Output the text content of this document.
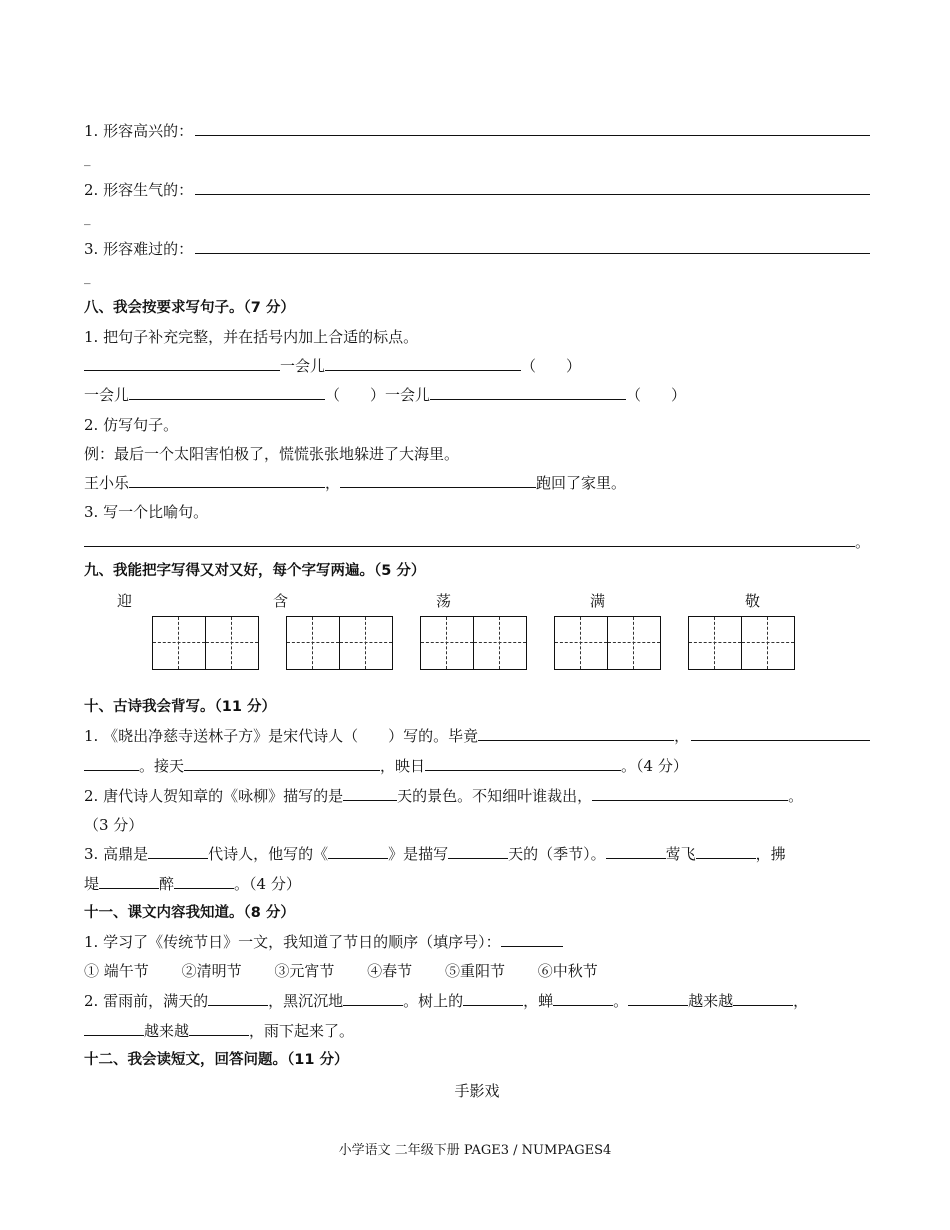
1. 形容高兴的：
_
2. 形容生气的：
_
3. 形容难过的：
_
八、我会按要求写句子。（7 分）
1. 把句子补充完整，并在括号内加上合适的标点。
一会儿	（　　）
一会儿	（　　）一会儿	（　　）
2. 仿写句子。
例：最后一个太阳害怕极了，慌慌张张地躲进了大海里。
王小乐	，	跑回了家里。
3. 写一个比喻句。
。
九、我能把字写得又对又好，每个字写两遍。（5 分）
迎	含	荡	满	敬
十、古诗我会背写。（11 分）
1. 《晓出净慈寺送林子方》是宋代诗人（　　）写的。毕竟	，
。接天	，映日	。（4 分）
2. 唐代诗人贺知章的《咏柳》描写的是	天的景色。不知细叶谁裁出，	。
（3 分）
3. 高鼎是	代诗人，他写的《	》是描写	天的（季节）。	莺飞	，拂
堤	醉	。（4 分）
十一、课文内容我知道。（8 分）
1. 学习了《传统节日》一文，我知道了节日的顺序（填序号）：
① 端午节 ②清明节 ③元宵节 ④春节 ⑤重阳节 ⑥中秋节
2. 雷雨前，满天的	，黑沉沉地	。树上的	，蝉	。	越来越	，
越来越	，雨下起来了。
十二、我会读短文，回答问题。（11 分）
手影戏
小学语文 二年级下册 PAGE3 / NUMPAGES4
